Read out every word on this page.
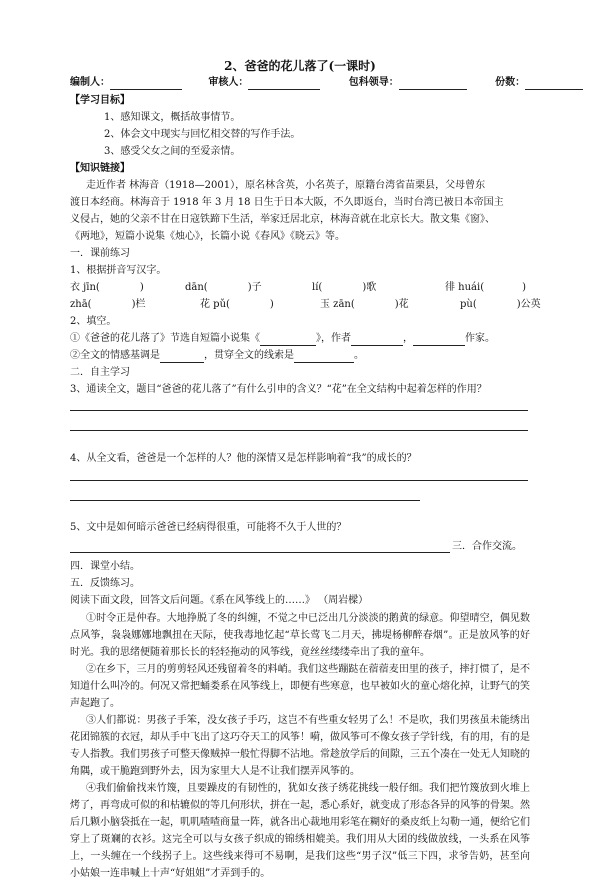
2、爸爸的花儿落了(一课时)
编制人：	审核人：	包科领导：	份数：
【学习目标】
1、感知课文，概括故事情节。
2、体会文中现实与回忆相交替的写作手法。
3、感受父女之间的至爱亲情。
【知识链接】
走近作者 林海音（1918—2001），原名林含英，小名英子，原籍台湾省苗栗县，父母曾东
渡日本经商。林海音于 1918 年 3 月 18 日生于日本大阪，不久即返台，当时台湾已被日本帝国主
义侵占，她的父亲不甘在日寇铁蹄下生活，举家迁居北京，林海音就在北京长大。散文集《窗》、
《两地》，短篇小说集《烛心》，长篇小说《春风》《晓云》等。
一．课前练习
1、根据拼音写汉字。
衣 jīn(	)	dān(	)子	lí(	)歌	徘 huái(	)
zhā(	)栏	花 pǔ(	)	玉 zān(	)花	pù(	)公英
2、填空。
①《爸爸的花儿落了》节选自短篇小说集《	》，作者	，	作家。
②全文的情感基调是	，贯穿全文的线索是	。
二．自主学习
3、通读全文，题目“爸爸的花儿落了”有什么引申的含义？“花”在全文结构中起着怎样的作用？
4、从全文看，爸爸是一个怎样的人？他的深情又是怎样影响着“我”的成长的？
5、文中是如何暗示爸爸已经病得很重，可能将不久于人世的？
三．合作交流。
四．课堂小结。
五．反馈练习。
阅读下面文段，回答文后问题。《系在风筝线上的……》 （周岩樑）
①时令正是仲春。大地挣脱了冬的纠缠，不觉之中已泛出几分淡淡的鹅黄的绿意。仰望晴空，偶见数点风筝，袅袅娜娜地飘扭在天际，使我毒地忆起“草长莺飞二月天，拂堤杨柳醉春烟”。正是放风筝的好时光。我的思绪便随着那长长的轻轻拖动的风筝线，竟丝丝缕缕牵出了我的童年。
②在乡下，三月的剪剪轻风还残留着冬的料峭。我们这些蹦跶在蓿蓿麦田里的孩子，摔打惯了，是不知道什么叫冷的。何况又常把蛹娄系在风筝线上，即便有些寒意，也早被如火的童心熔化掉，让野气的笑声起跑了。
③人们都说：男孩子手笨，没女孩子手巧，这岂不有些重女轻男了么！不是吹，我们男孩虽未能绣出花团锦簇的衣冠，却从手中飞出了这巧夺天工的风筝！嗬，做风筝可不像女孩子学针线，有的用，有的是专人指教。我们男孩子可整天像贼掉一般忙得脚不沾地。常趁放学后的间隙，三五个凑在一处无人知晓的角隅，或干脆跑到野外去，因为家里大人是不让我们摆弄风筝的。
④我们偷偷找来竹篾，且要躁皮的有韧性的，犹如女孩子绣花挑线一般仔细。我们把竹篾放到火堆上烤了，再弯成可似的和枯辘似的等几何形状，拼在一起，悉心系好，就变成了形态各异的风筝的骨架。然后几颗小脑袋抵在一起，叽叽喳喳商量一阵，就各出心裁地用彩笔在糊好的桑皮纸上勾勒一通，便给它们穿上了斑斓的衣衫。这完全可以与女孩子织成的锦绣相媲美。我们用从大团的线做放线，一头系在风筝上，一头缠在一个线拐子上。这些线来得可不易啊，是我们这些“男子汉”低三下四，求爷告奶，甚至向小姑娘一连串喊上十声“好姐姐”才弄到手的。
